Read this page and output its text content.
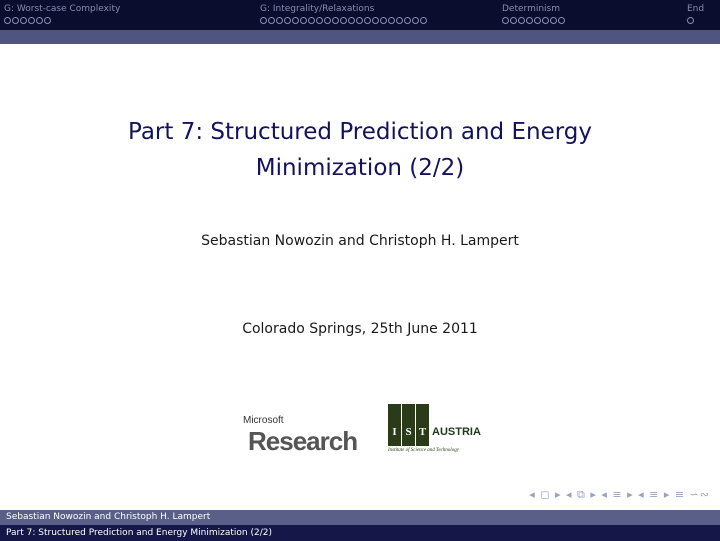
G: Worst-case Complexity	G: Integrality/Relaxations	Determinism	End
Part 7: Structured Prediction and Energy
Minimization (2/2)
Sebastian Nowozin and Christoph H. Lampert
Colorado Springs, 25th June 2011
Microsoft
Research	I S T AUSTRIA
Institute of Science and Technology
◂ ◻ ▸ ◂ ⧉ ▸ ◂ ≡ ▸ ◂ ≡ ▸ ≡ ∽∾
Sebastian Nowozin and Christoph H. Lampert
Part 7: Structured Prediction and Energy Minimization (2/2)
